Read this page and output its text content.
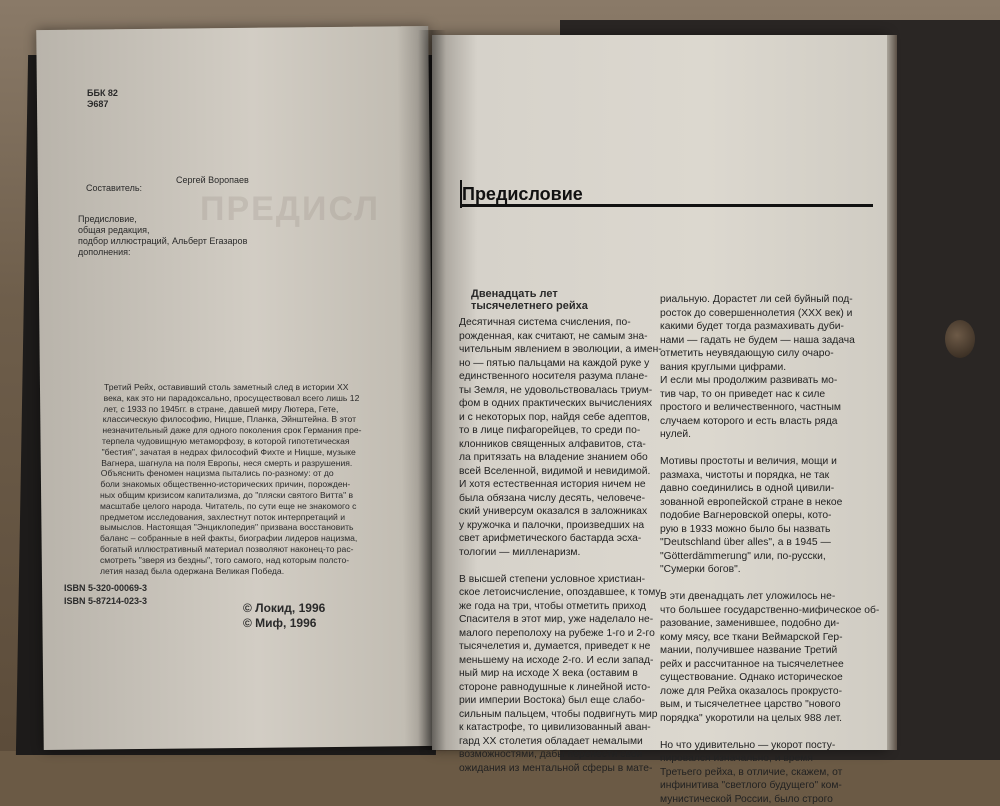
ПРЕДИСЛ
ББК 82
Э687
Составитель:
Сергей Воропаев
Предисловие,
общая редакция,
подбор иллюстраций,
дополнения:
Альберт Егазаров
Третий Рейх, оставивший столь заметный след в истории XX
века, как это ни парадоксально, просуществовал всего лишь 12
лет, с 1933 по 1945гг. в стране, давшей миру Лютера, Гете,
классическую философию, Ницше, Планка, Эйнштейна. В этот
незначительный даже для одного поколения срок Германия пре-
терпела чудовищную метаморфозу, в которой гипотетическая
"бестия", зачатая в недрах философий Фихте и Ницше, музыке
Вагнера, шагнула на поля Европы, неся смерть и разрушения.
Объяснить феномен нацизма пытались по-разному: от до
боли знакомых общественно-исторических причин, порожден-
ных общим кризисом капитализма, до "пляски святого Витта" в
масштабе целого народа. Читатель, по сути еще не знакомого с
предметом исследования, захлестнут поток интерпретаций и
вымыслов. Настоящая "Энциклопедия" призвана восстановить
баланс – собранные в ней факты, биографии лидеров нацизма,
богатый иллюстративный материал позволяют наконец-то рас-
смотреть "зверя из бездны", того самого, над которым полсто-
летия назад была одержана Великая Победа.
ISBN 5-320-00069-3
ISBN 5-87214-023-3	© Локид, 1996
© Миф, 1996
Предисловие
Двенадцать лет
тысячелетнего рейха
Десятичная система счисления, по-
рожденная, как считают, не самым зна-
чительным явлением в эволюции, а имен-
но — пятью пальцами на каждой руке у
единственного носителя разума плане-
ты Земля, не удовольствовалась триум-
фом в одних практических вычислениях
и с некоторых пор, найдя себе адептов,
то в лице пифагорейцев, то среди по-
клонников священных алфавитов, ста-
ла притязать на владение знанием обо
всей Вселенной, видимой и невидимой.
И хотя естественная история ничем не
была обязана числу десять, человече-
ский универсум оказался в заложниках
у кружочка и палочки, произведших на
свет арифметического бастарда эсха-
тологии — милленаризм.

В высшей степени условное христиан-
ское летоисчисление, опоздавшее, к тому
же года на три, чтобы отметить приход
Спасителя в этот мир, уже наделало не-
малого переполоху на рубеже 1-го и 2-го
тысячелетия и, думается, приведет к не
меньшему на исходе 2-го. И если запад-
ный мир на исходе X века (оставим в
стороне равнодушные к линейной исто-
рии империи Востока) был еще слабо-
сильным пальцем, чтобы подвигнуть мир
к катастрофе, то цивилизованный аван-
гард XX столетия обладает немалыми
возможностями, дабы перенести свои
ожидания из ментальной сферы в мате-
риальную. Дорастет ли сей буйный под-
росток до совершеннолетия (XXX век) и
какими будет тогда размахивать дуби-
нами — гадать не будем — наша задача
отметить неувядающую силу очаро-
вания круглыми цифрами.
И если мы продолжим развивать мо-
тив чар, то он приведет нас к силе
простого и величественного, частным
случаем которого и есть власть ряда
нулей.

Мотивы простоты и величия, мощи и
размаха, чистоты и порядка, не так
давно соединились в одной цивили-
зованной европейской стране в некое
подобие Вагнеровской оперы, кото-
рую в 1933 можно было бы назвать
"Deutschland über alles", а в 1945 —
"Götterdämmerung" или, по-русски,
"Сумерки богов".

В эти двенадцать лет уложилось не-
что большее государственно-мифическое об-
разование, заменившее, подобно ди-
кому мясу, все ткани Веймарской Гер-
мании, получившее название Третий
рейх и рассчитанное на тысячелетнее
существование. Однако историческое
ложе для Рейха оказалось прокрусто-
вым, и тысячелетнее царство "нового
порядка" укоротили на целых 988 лет.

Но что удивительно — укорот посту-
пировался изначально, и время
Третьего рейха, в отличие, скажем, от
инфинитива "светлого будущего" ком-
мунистической России, было строго
